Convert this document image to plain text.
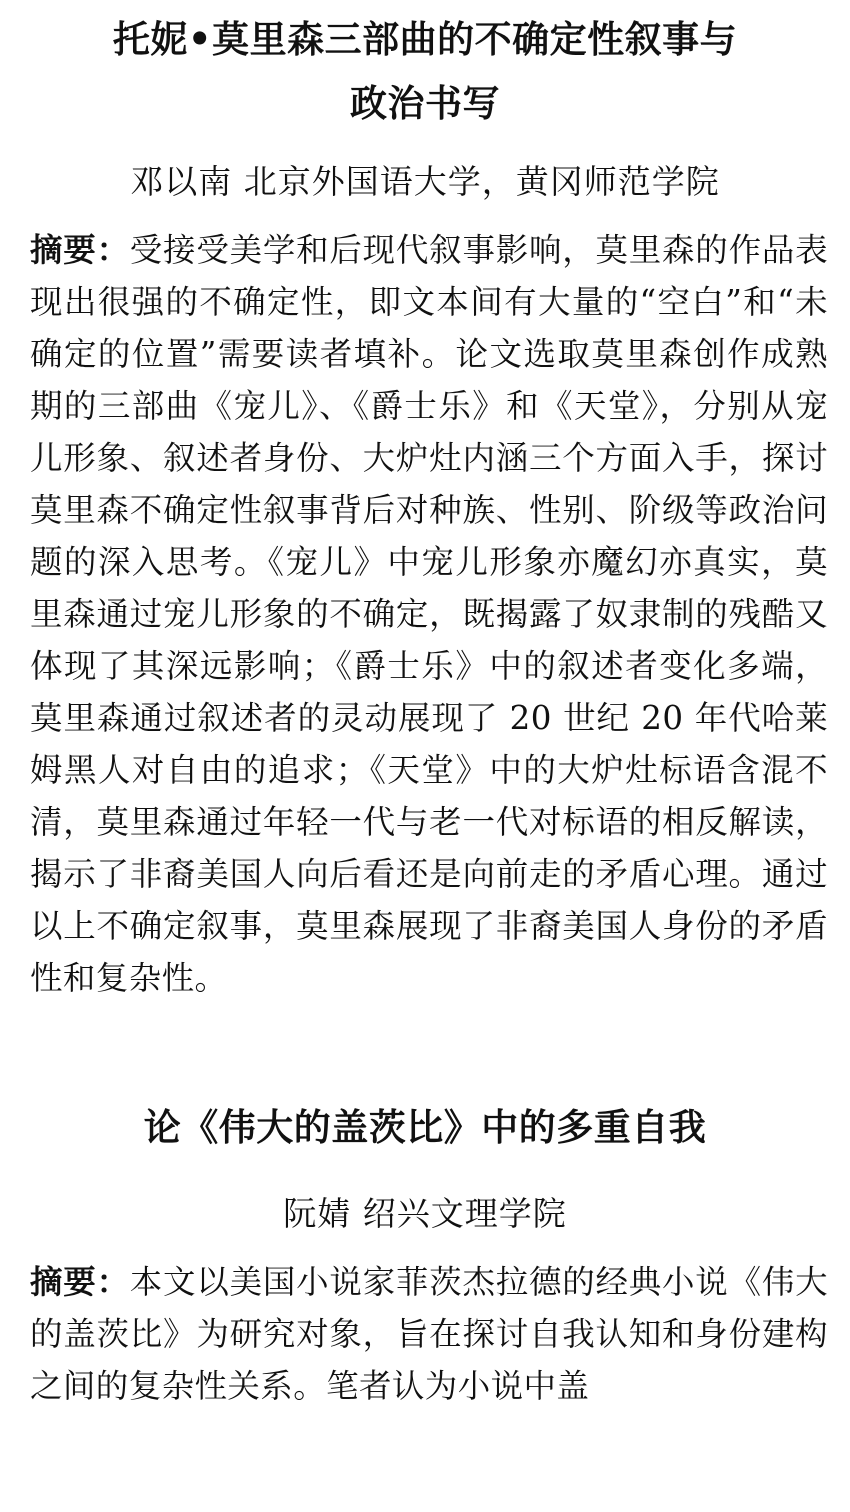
托妮•莫里森三部曲的不确定性叙事与
政治书写
邓以南 北京外国语大学，黄冈师范学院

摘要：受接受美学和后现代叙事影响，莫里森的作品表现出很强的不确定性，即文本间有大量的“空白”和“未确定的位置”需要读者填补。论文选取莫里森创作成熟期的三部曲《宠儿》、《爵士乐》和《天堂》，分别从宠儿形象、叙述者身份、大炉灶内涵三个方面入手，探讨莫里森不确定性叙事背后对种族、性别、阶级等政治问题的深入思考。《宠儿》中宠儿形象亦魔幻亦真实，莫里森通过宠儿形象的不确定，既揭露了奴隶制的残酷又体现了其深远影响；《爵士乐》中的叙述者变化多端，莫里森通过叙述者的灵动展现了 20 世纪 20 年代哈莱姆黑人对自由的追求；《天堂》中的大炉灶标语含混不清，莫里森通过年轻一代与老一代对标语的相反解读，揭示了非裔美国人向后看还是向前走的矛盾心理。通过以上不确定叙事，莫里森展现了非裔美国人身份的矛盾性和复杂性。

论《伟大的盖茨比》中的多重自我
阮婧 绍兴文理学院

摘要：本文以美国小说家菲茨杰拉德的经典小说《伟大的盖茨比》为研究对象，旨在探讨自我认知和身份建构之间的复杂性关系。笔者认为小说中盖
